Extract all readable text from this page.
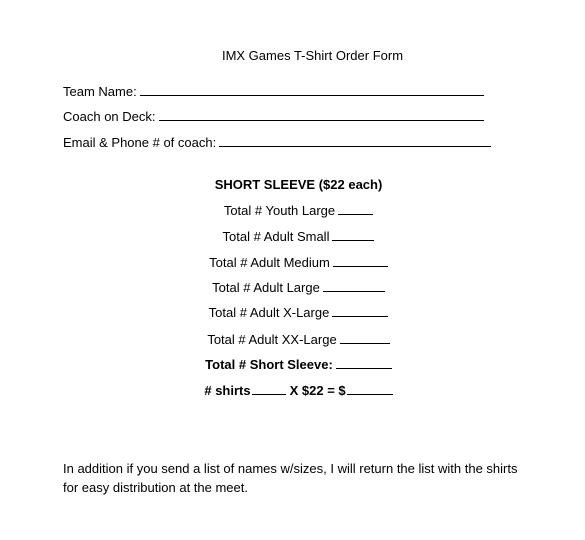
IMX Games T-Shirt Order Form
Team Name:
Coach on Deck:
Email & Phone # of coach:
SHORT SLEEVE ($22 each)
Total # Youth Large
Total # Adult Small
Total # Adult Medium
Total # Adult Large
Total # Adult X-Large
Total # Adult XX-Large
Total # Short Sleeve:
# shirts	X $22 = $
In addition if you send a list of names w/sizes, I will return the list with the shirts
for easy distribution at the meet.
